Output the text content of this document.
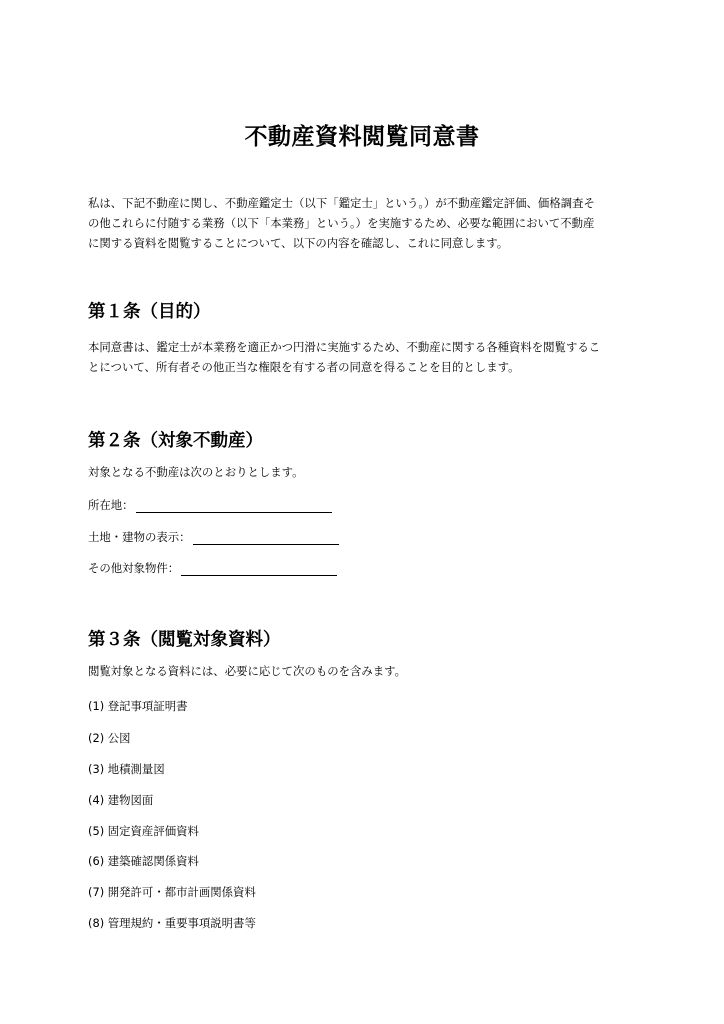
不動産資料閲覧同意書
私は、下記不動産に関し、不動産鑑定士（以下「鑑定士」という。）が不動産鑑定評価、価格調査そ
の他これらに付随する業務（以下「本業務」という。）を実施するため、必要な範囲において不動産
に関する資料を閲覧することについて、以下の内容を確認し、これに同意します。
第１条（目的）
本同意書は、鑑定士が本業務を適正かつ円滑に実施するため、不動産に関する各種資料を閲覧するこ
とについて、所有者その他正当な権限を有する者の同意を得ることを目的とします。
第２条（対象不動産）
対象となる不動産は次のとおりとします。
所在地：
土地・建物の表示：
その他対象物件：
第３条（閲覧対象資料）
閲覧対象となる資料には、必要に応じて次のものを含みます。
(1) 登記事項証明書
(2) 公図
(3) 地積測量図
(4) 建物図面
(5) 固定資産評価資料
(6) 建築確認関係資料
(7) 開発許可・都市計画関係資料
(8) 管理規約・重要事項説明書等
